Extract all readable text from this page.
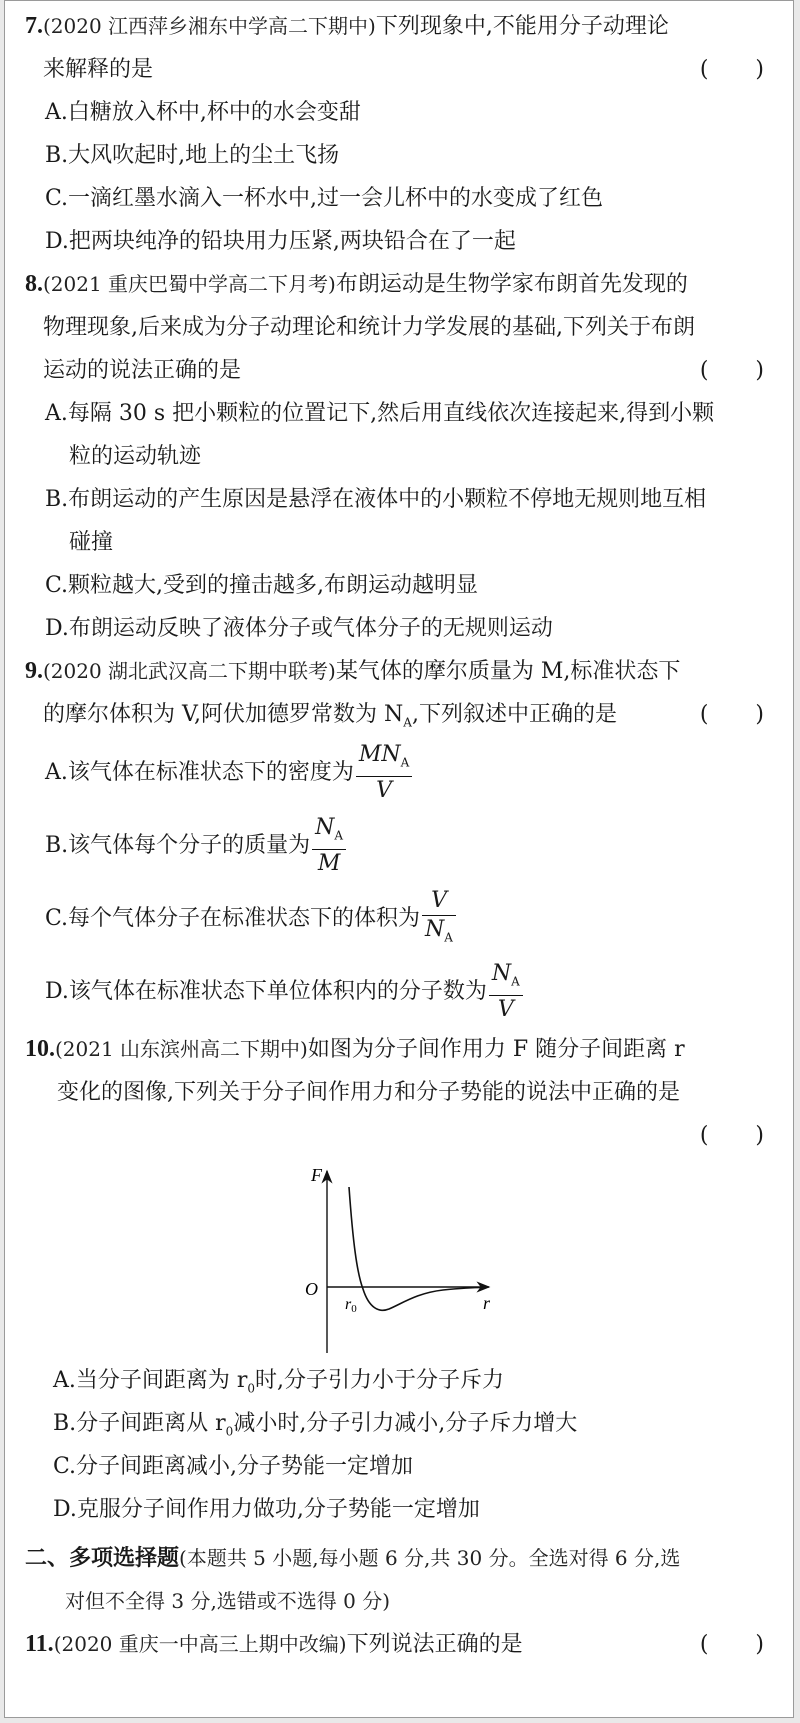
7.(2020 江西萍乡湘东中学高二下期中)下列现象中,不能用分子动理论
来解释的是	(　　)
A.白糖放入杯中,杯中的水会变甜
B.大风吹起时,地上的尘土飞扬
C.一滴红墨水滴入一杯水中,过一会儿杯中的水变成了红色
D.把两块纯净的铅块用力压紧,两块铅合在了一起
8.(2021 重庆巴蜀中学高二下月考)布朗运动是生物学家布朗首先发现的
物理现象,后来成为分子动理论和统计力学发展的基础,下列关于布朗
运动的说法正确的是	(　　)
A.每隔 30 s 把小颗粒的位置记下,然后用直线依次连接起来,得到小颗
粒的运动轨迹
B.布朗运动的产生原因是悬浮在液体中的小颗粒不停地无规则地互相
碰撞
C.颗粒越大,受到的撞击越多,布朗运动越明显
D.布朗运动反映了液体分子或气体分子的无规则运动
9.(2020 湖北武汉高二下期中联考)某气体的摩尔质量为 M,标准状态下
的摩尔体积为 V,阿伏加德罗常数为 $N_A$,下列叙述中正确的是	(　　)
A.该气体在标准状态下的密度为 $\frac{MN_A}{V}$
B.该气体每个分子的质量为 $\frac{N_A}{M}$
C.每个气体分子在标准状态下的体积为 $\frac{V}{N_A}$
D.该气体在标准状态下单位体积内的分子数为 $\frac{N_A}{V}$
10.(2021 山东滨州高二下期中)如图为分子间作用力 F 随分子间距离 r
变化的图像,下列关于分子间作用力和分子势能的说法中正确的是
(　　)
F
O
r
r0
A.当分子间距离为 $r_0$时,分子引力小于分子斥力
B.分子间距离从 $r_0$减小时,分子引力减小,分子斥力增大
C.分子间距离减小,分子势能一定增加
D.克服分子间作用力做功,分子势能一定增加
二、多项选择题(本题共 5 小题,每小题 6 分,共 30 分。全选对得 6 分,选
对但不全得 3 分,选错或不选得 0 分)
11.(2020 重庆一中高三上期中改编)下列说法正确的是	(　　)
